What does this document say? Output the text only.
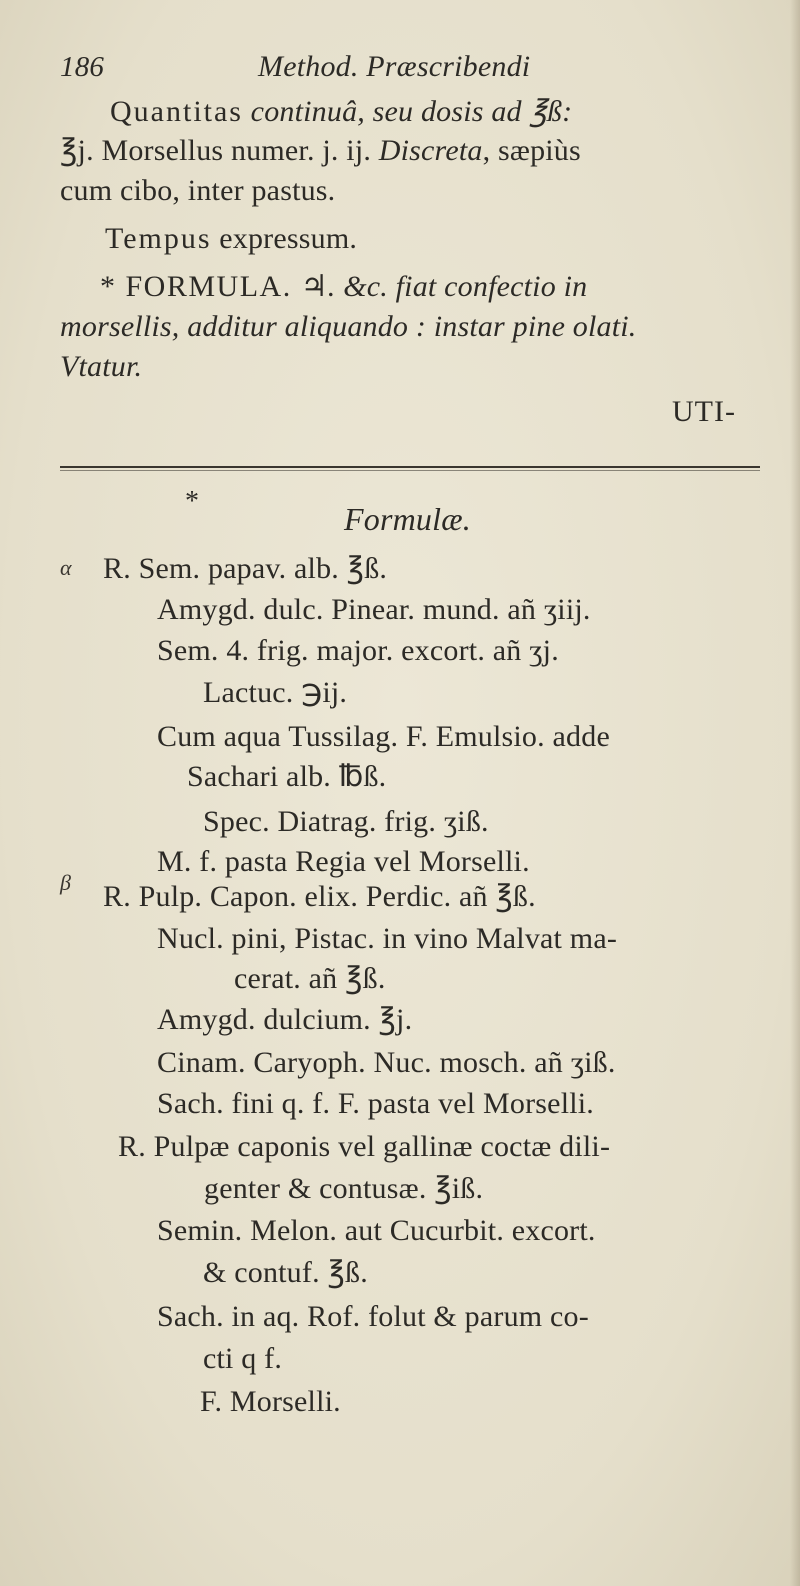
186	Method. Præscribendi
Quantitas continuâ, seu dosis ad ℥ß:
℥j. Morsellus numer. j. ij. Discreta, sæpiùs
cum cibo, inter pastus.
Tempus expressum.
* FORMULA. ♃. &c. fiat confectio in
morsellis, additur aliquando : instar pine olati.
Vtatur.
UTI-
*	Formulæ.
α
β
R. Sem. papav. alb. ℥ß.
Amygd. dulc. Pinear. mund. añ ʒiij.
Sem. 4. frig. major. excort. añ ʒj.
Lactuc. ℈ij.
Cum aqua Tussilag. F. Emulsio. adde
Sachari alb. ℔ß.
Spec. Diatrag. frig. ʒiß.
M. f. pasta Regia vel Morselli.
R. Pulp. Capon. elix. Perdic. añ ℥ß.
Nucl. pini, Pistac. in vino Malvat ma-
cerat. añ ℥ß.
Amygd. dulcium. ℥j.
Cinam. Caryoph. Nuc. mosch. añ ʒiß.
Sach. fini q. f. F. pasta vel Morselli.
R. Pulpæ caponis vel gallinæ coctæ dili-
genter & contusæ. ℥iß.
Semin. Melon. aut Cucurbit. excort.
& contuf. ℥ß.
Sach. in aq. Rof. folut & parum co-
cti q f.
F. Morselli.
